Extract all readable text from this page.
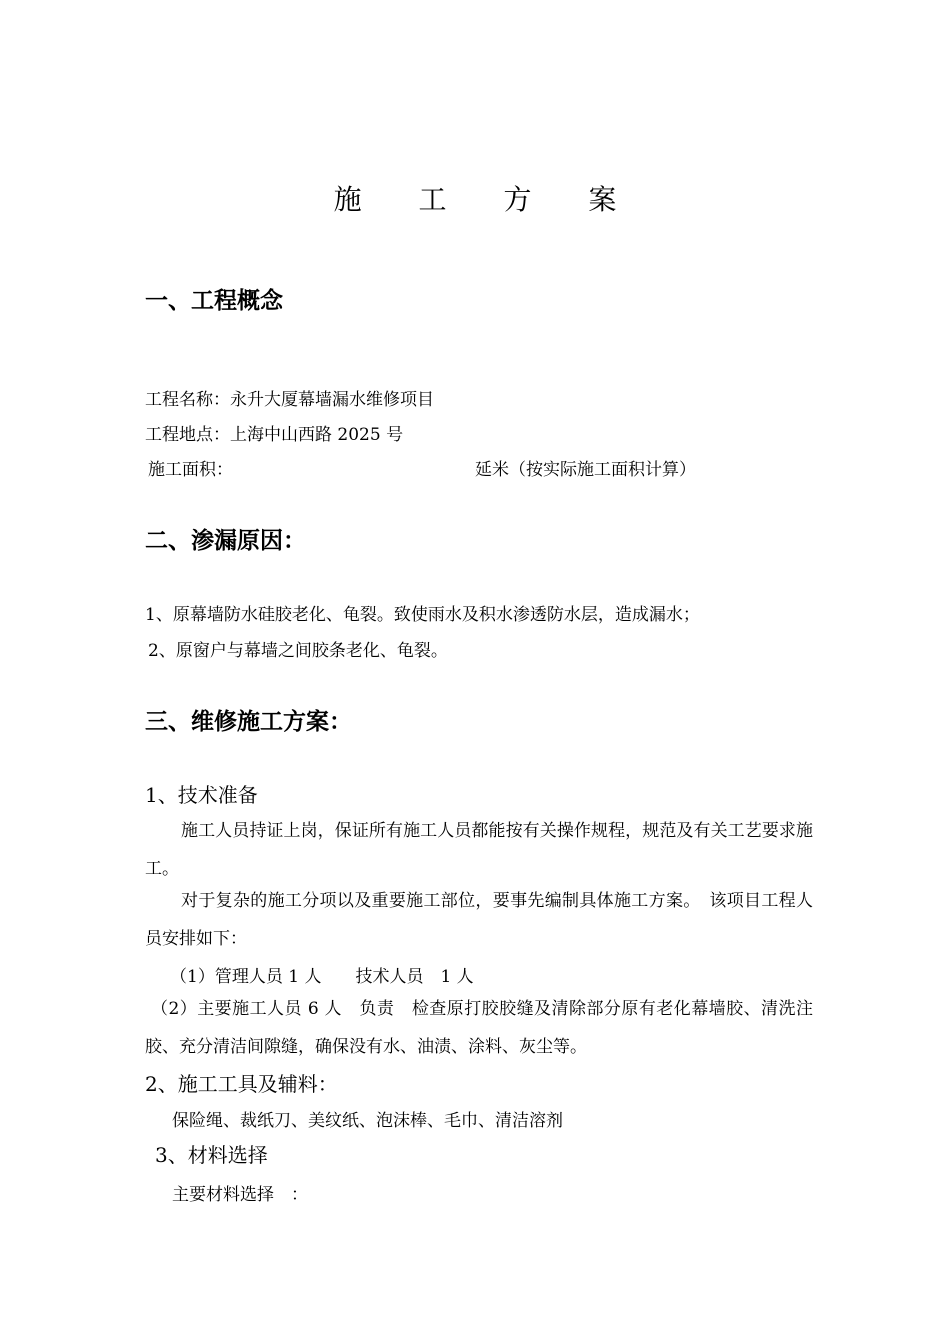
施 工 方 案
一、工程概念
工程名称：永升大厦幕墙漏水维修项目
工程地点：上海中山西路 2025 号
施工面积：	延米（按实际施工面积计算）
二、渗漏原因：
1、原幕墙防水硅胶老化、龟裂。致使雨水及积水渗透防水层，造成漏水；
2、原窗户与幕墙之间胶条老化、龟裂。
三、维修施工方案：
1、技术准备
施工人员持证上岗，保证所有施工人员都能按有关操作规程，规范及有关工艺要求施工。
对于复杂的施工分项以及重要施工部位，要事先编制具体施工方案。　该项目工程人员安排如下：
（1）管理人员 1 人　　技术人员　1 人
（2）主要施工人员 6 人　负责　检查原打胶胶缝及清除部分原有老化幕墙胶、清洗注胶、充分清洁间隙缝，确保没有水、油渍、涂料、灰尘等。
2、施工工具及辅料：
保险绳、裁纸刀、美纹纸、泡沫棒、毛巾、清洁溶剂
3、材料选择
主要材料选择　：
